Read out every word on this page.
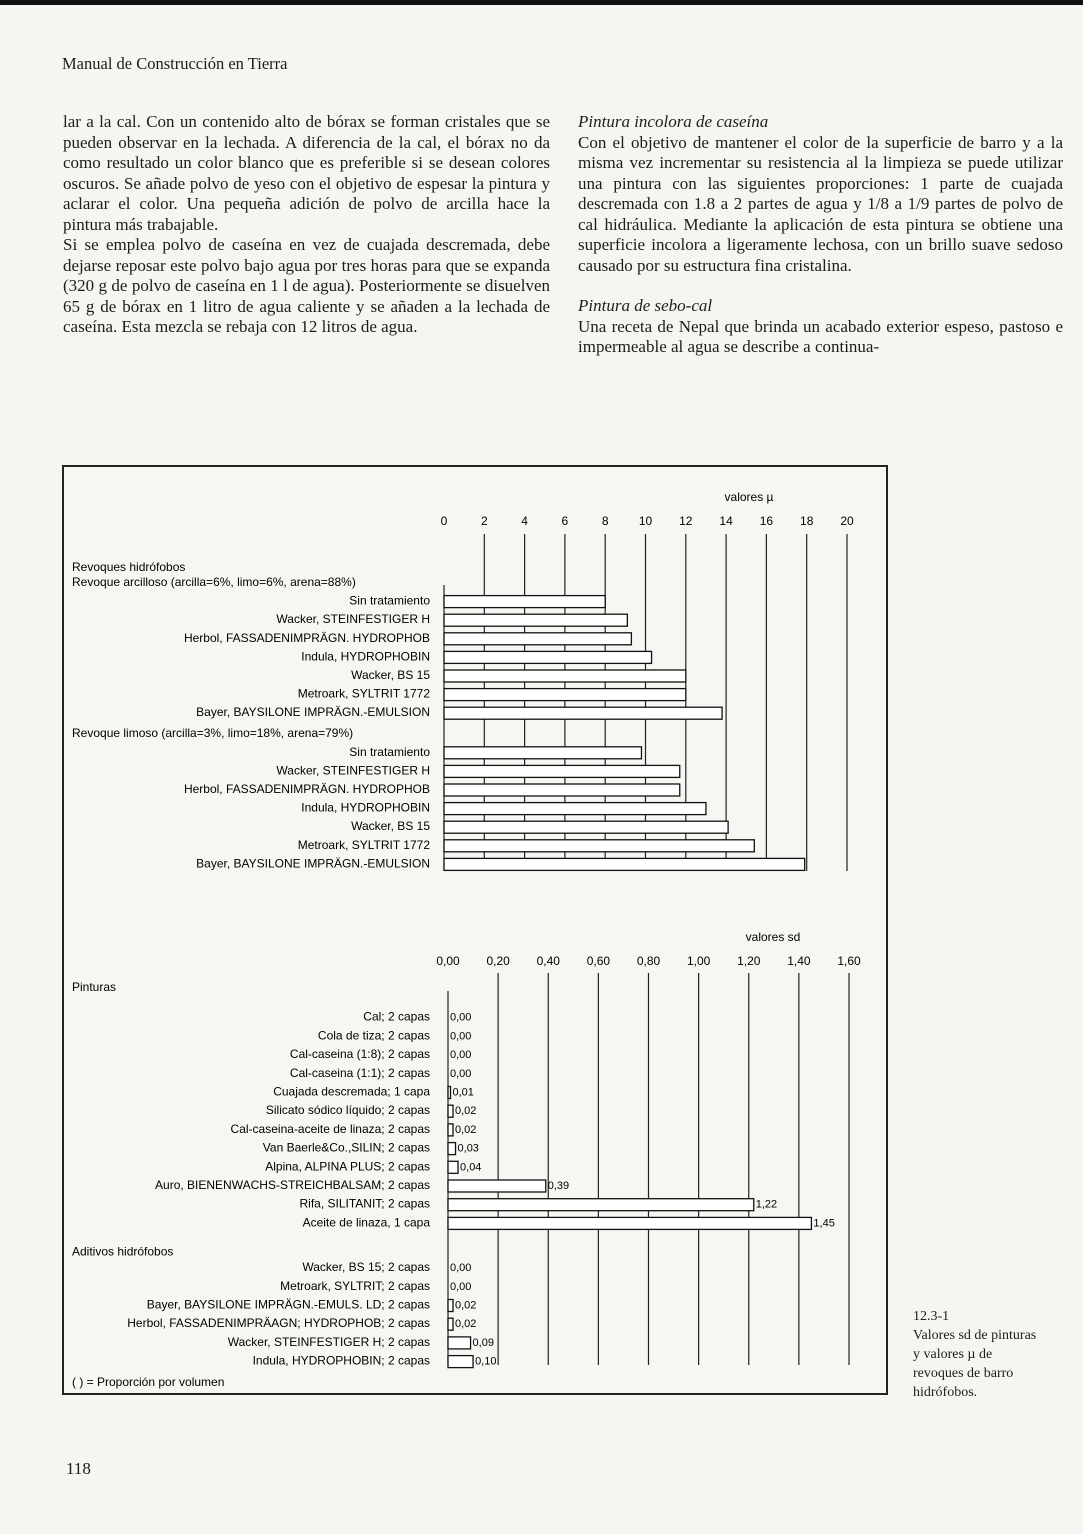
Manual de Construcción en Tierra

lar a la cal. Con un contenido alto de bórax se forman cristales que se pueden observar en la lechada. A diferencia de la cal, el bórax no da como resultado un color blanco que es preferible si se desean colores oscuros. Se añade polvo de yeso con el objetivo de espesar la pintura y aclarar el color. Una pequeña adición de polvo de arcilla hace la pintura más trabajable.

Si se emplea polvo de caseína en vez de cuajada descremada, debe dejarse reposar este polvo bajo agua por tres horas para que se expanda (320 g de polvo de caseína en 1 l de agua). Posteriormente se disuelven 65 g de bórax en 1 litro de agua caliente y se añaden a la lechada de caseína. Esta mezcla se rebaja con 12 litros de agua.

Pintura incolora de caseína

Con el objetivo de mantener el color de la superficie de barro y a la misma vez incrementar su resistencia al la limpieza se puede utilizar una pintura con las siguientes proporciones: 1 parte de cuajada descremada con 1.8 a 2 partes de agua y 1/8 a 1/9 partes de polvo de cal hidráulica. Mediante la aplicación de esta pintura se obtiene una superficie incolora a ligeramente lechosa, con un brillo suave sedoso causado por su estructura fina cristalina.

Pintura de sebo-cal

Una receta de Nepal que brinda un acabado exterior espeso, pastoso e impermeable al agua se describe a continua-

valores µ
0	2	4	6	8	10 12 14 16 18 20
Revoques hidrófobos
Revoque arcilloso (arcilla=6%, limo=6%, arena=88%)
Sin tratamiento
Wacker, STEINFESTIGER H
Herbol, FASSADENIMPRÄGN. HYDROPHOB
Indula, HYDROPHOBIN
Wacker, BS 15
Metroark, SYLTRIT 1772
Bayer, BAYSILONE IMPRÄGN.-EMULSION
Revoque limoso (arcilla=3%, limo=18%, arena=79%)
Sin tratamiento
Wacker, STEINFESTIGER H
Herbol, FASSADENIMPRÄGN. HYDROPHOB
Indula, HYDROPHOBIN
Wacker, BS 15
Metroark, SYLTRIT 1772
Bayer, BAYSILONE IMPRÄGN.-EMULSION
valores sd
0,00 0,20 0,40 0,60 0,80 1,00 1,20 1,40 1,60
Pinturas
Cal; 2 capas 0,00
Cola de tiza; 2 capas 0,00
Cal-caseina (1:8); 2 capas 0,00
Cal-caseina (1:1); 2 capas 0,00
Cuajada descremada; 1 capa 0,01
Silicato sódico líquido; 2 capas 0,02
Cal-caseina-aceite de linaza; 2 capas 0,02
Van Baerle&Co.,SILIN; 2 capas	0,03
Alpina, ALPINA PLUS; 2 capas	0,04
Auro, BIENENWACHS-STREICHBALSAM; 2 capas	0,39
Rifa, SILITANIT; 2 capas	1,22
Aceite de linaza, 1 capa	1,45
Aditivos hidrófobos
Wacker, BS 15; 2 capas 0,00
Metroark, SYLTRIT; 2 capas 0,00
Bayer, BAYSILONE IMPRÄGN.-EMULS. LD; 2 capas 0,02
Herbol, FASSADENIMPRÄAGN; HYDROPHOB; 2 capas 0,02
Wacker, STEINFESTIGER H; 2 capas	0,09
Indula, HYDROPHOBIN; 2 capas	0,10
( ) = Proporción por volumen
12.3-1
Valores sd de pinturas
y valores µ de
revoques de barro
hidrófobos.
118
